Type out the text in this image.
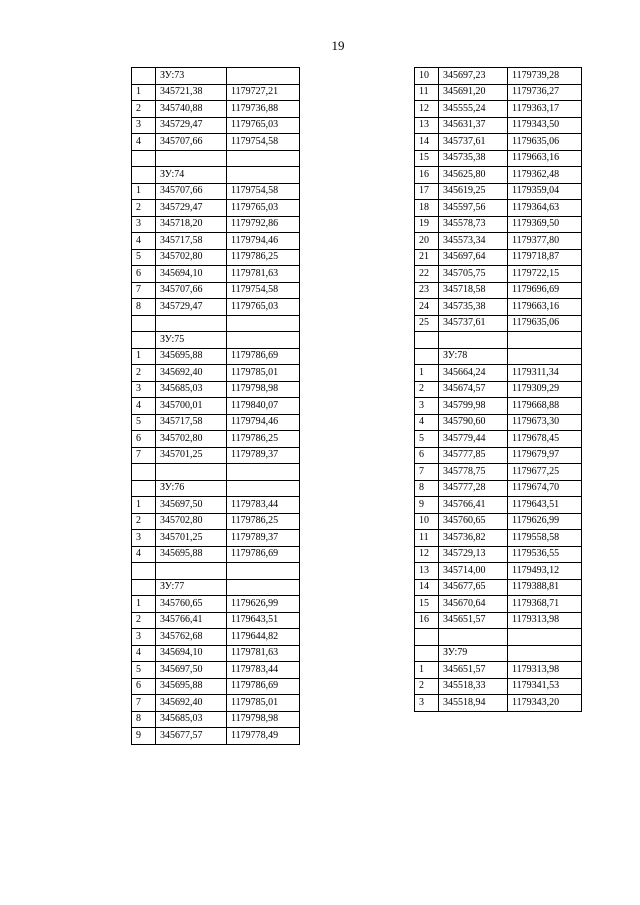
19
	ЗУ:73	
1	345721,38	1179727,21
2	345740,88	1179736,88
3	345729,47	1179765,03
4	345707,66	1179754,58

	ЗУ:74	
1	345707,66	1179754,58
2	345729,47	1179765,03
3	345718,20	1179792,86
4	345717,58	1179794,46
5	345702,80	1179786,25
6	345694,10	1179781,63
7	345707,66	1179754,58
8	345729,47	1179765,03

	ЗУ:75	
1	345695,88	1179786,69
2	345692,40	1179785,01
3	345685,03	1179798,98
4	345700,01	1179840,07
5	345717,58	1179794,46
6	345702,80	1179786,25
7	345701,25	1179789,37

	ЗУ:76	
1	345697,50	1179783,44
2	345702,80	1179786,25
3	345701,25	1179789,37
4	345695,88	1179786,69

	ЗУ:77	
1	345760,65	1179626,99
2	345766,41	1179643,51
3	345762,68	1179644,82
4	345694,10	1179781,63
5	345697,50	1179783,44
6	345695,88	1179786,69
7	345692,40	1179785,01
8	345685,03	1179798,98
9	345677,57	1179778,49
10	345697,23	1179739,28
11	345691,20	1179736,27
12	345555,24	1179363,17
13	345631,37	1179343,50
14	345737,61	1179635,06
15	345735,38	1179663,16
16	345625,80	1179362,48
17	345619,25	1179359,04
18	345597,56	1179364,63
19	345578,73	1179369,50
20	345573,34	1179377,80
21	345697,64	1179718,87
22	345705,75	1179722,15
23	345718,58	1179696,69
24	345735,38	1179663,16
25	345737,61	1179635,06

	ЗУ:78	
1	345664,24	1179311,34
2	345674,57	1179309,29
3	345799,98	1179668,88
4	345790,60	1179673,30
5	345779,44	1179678,45
6	345777,85	1179679,97
7	345778,75	1179677,25
8	345777,28	1179674,70
9	345766,41	1179643,51
10	345760,65	1179626,99
11	345736,82	1179558,58
12	345729,13	1179536,55
13	345714,00	1179493,12
14	345677,65	1179388,81
15	345670,64	1179368,71
16	345651,57	1179313,98

	ЗУ:79	
1	345651,57	1179313,98
2	345518,33	1179341,53
3	345518,94	1179343,20
